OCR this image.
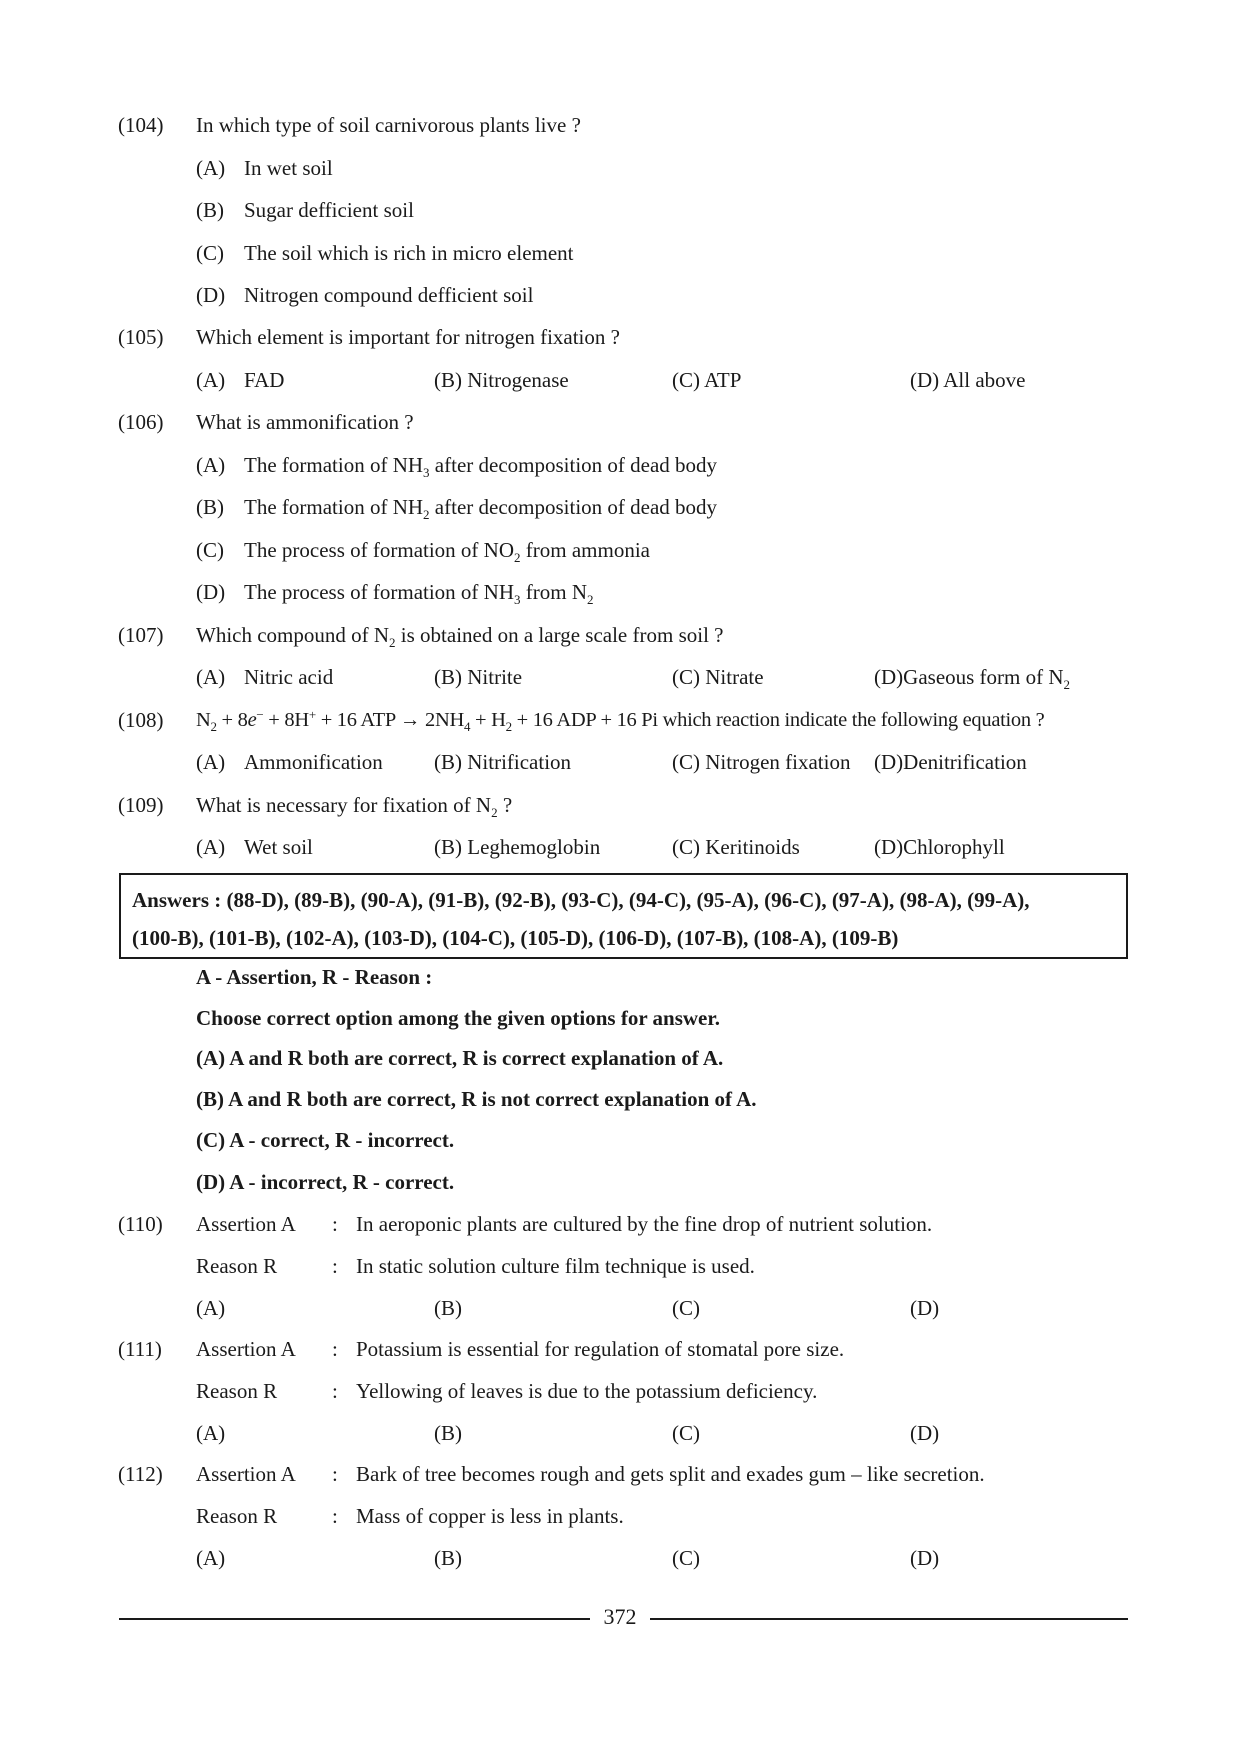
(104) In which type of soil carnivorous plants live ?
(A) In wet soil
(B) Sugar defficient soil
(C) The soil which is rich in micro element
(D) Nitrogen compound defficient soil
(105) Which element is important for nitrogen fixation ?
(A) FAD	(B) Nitrogenase	(C) ATP	(D) All above
(106) What is ammonification ?
(A) The formation of $NH_3$ after decomposition of dead body
(B) The formation of $NH_2$ after decomposition of dead body
(C) The process of formation of $NO_2$ from ammonia
(D) The process of formation of $NH_3$ from $N_2$
(107) Which compound of $N_2$ is obtained on a large scale from soil ?
(A) Nitric acid	(B) Nitrite	(C) Nitrate	(D)Gaseous form of $N_2$
(108) $N_2 + 8e^- + 8H^+ + 16$ ATP → $2NH_4 + H_2 + 16$ ADP + 16 Pi which reaction indicate the following equation ?
(A) Ammonification (B) Nitrification	(C) Nitrogen fixation (D)Denitrification
(109) What is necessary for fixation of $N_2$ ?
(A) Wet soil	(B) Leghemoglobin	(C) Keritinoids	(D)Chlorophyll
Answers : (88-D), (89-B), (90-A), (91-B), (92-B), (93-C), (94-C), (95-A), (96-C), (97-A), (98-A), (99-A),
(100-B), (101-B), (102-A), (103-D), (104-C), (105-D), (106-D), (107-B), (108-A), (109-B)
A - Assertion, R - Reason :
Choose correct option among the given options for answer.
(A) A and R both are correct, R is correct explanation of A.
(B) A and R both are correct, R is not correct explanation of A.
(C) A - correct, R - incorrect.
(D) A - incorrect, R - correct.
(110) Assertion A : In aeroponic plants are cultured by the fine drop of nutrient solution.
Reason R	: In static solution culture film technique is used.
(A)	(B)	(C)	(D)
(111) Assertion A : Potassium is essential for regulation of stomatal pore size.
Reason R	: Yellowing of leaves is due to the potassium deficiency.
(A)	(B)	(C)	(D)
(112) Assertion A : Bark of tree becomes rough and gets split and exades gum – like secretion.
Reason R	: Mass of copper is less in plants.
(A)	(B)	(C)	(D)
372
